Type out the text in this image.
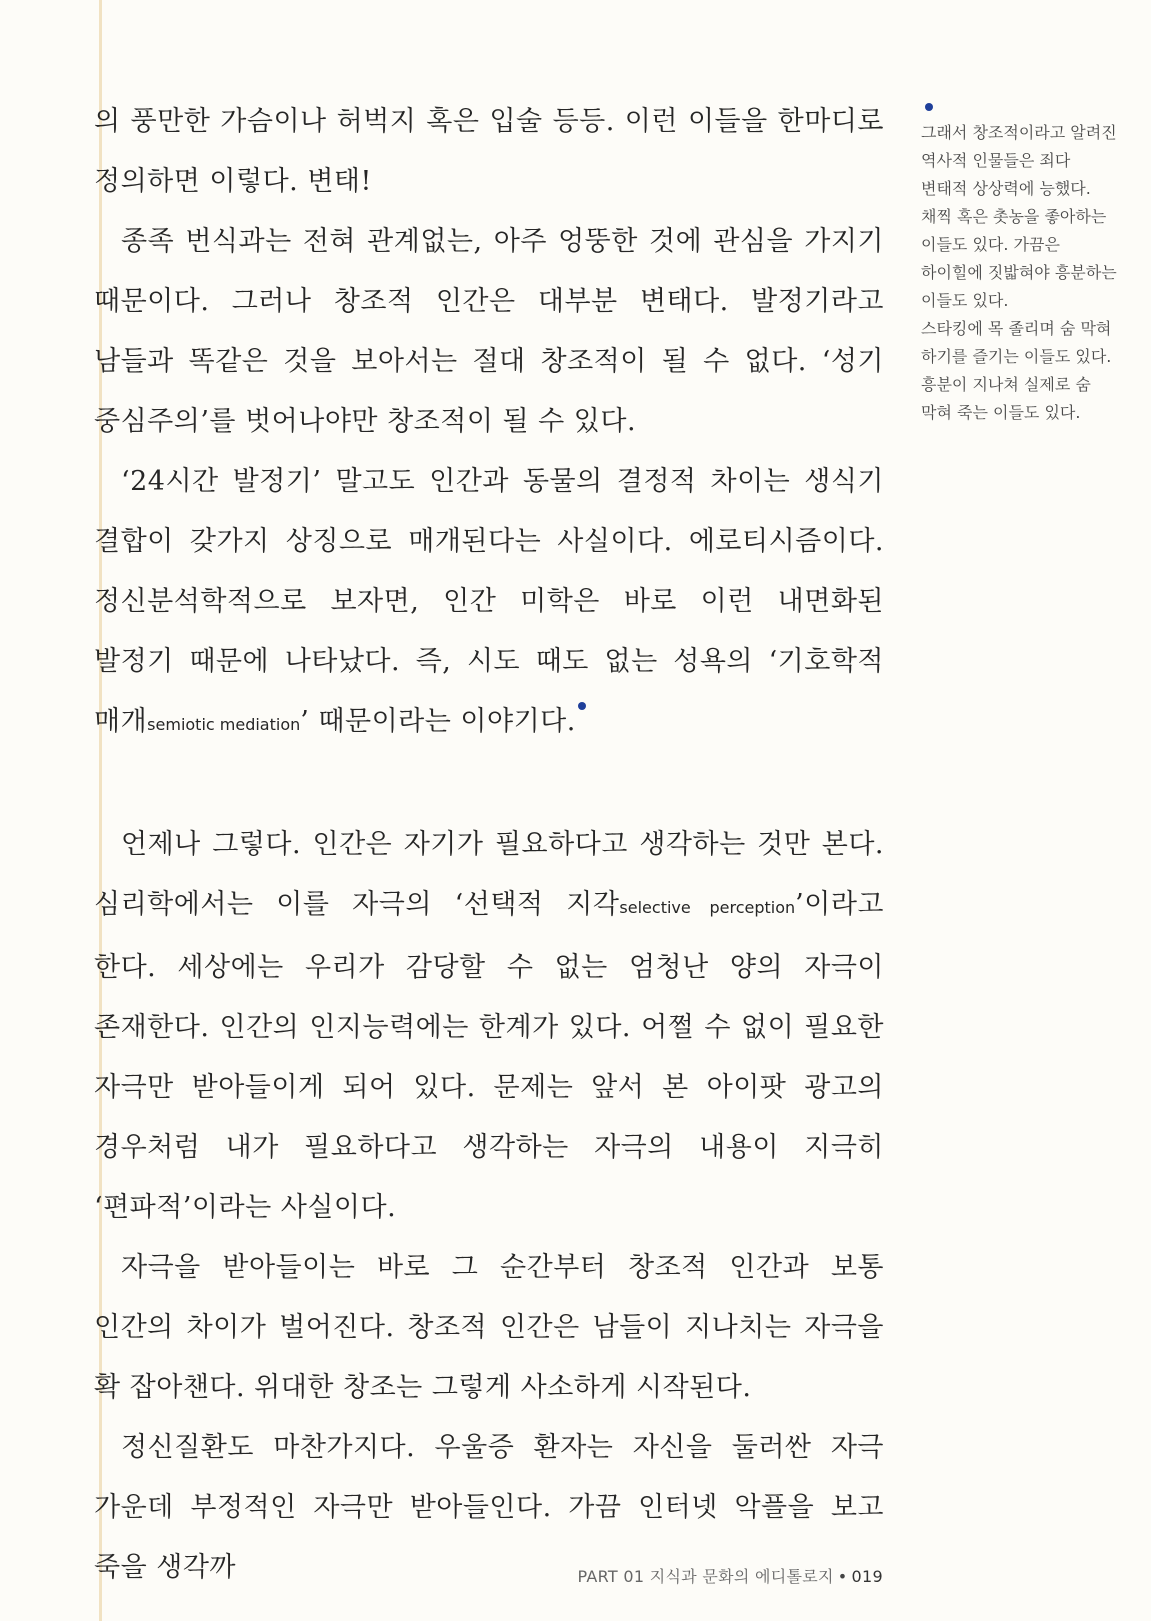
의 풍만한 가슴이나 허벅지 혹은 입술 등등. 이런 이들을 한마디로 정의하면 이렇다. 변태!

종족 번식과는 전혀 관계없는, 아주 엉뚱한 것에 관심을 가지기 때문이다. 그러나 창조적 인간은 대부분 변태다. 발정기라고 남들과 똑같은 것을 보아서는 절대 창조적이 될 수 없다. ‘성기 중심주의’를 벗어나야만 창조적이 될 수 있다.

‘24시간 발정기’ 말고도 인간과 동물의 결정적 차이는 생식기 결합이 갖가지 상징으로 매개된다는 사실이다. 에로티시즘이다. 정신분석학적으로 보자면, 인간 미학은 바로 이런 내면화된 발정기 때문에 나타났다. 즉, 시도 때도 없는 성욕의 ‘기호학적 매개semiotic mediation’ 때문이라는 이야기다.

언제나 그렇다. 인간은 자기가 필요하다고 생각하는 것만 본다. 심리학에서는 이를 자극의 ‘선택적 지각selective perception’이라고 한다. 세상에는 우리가 감당할 수 없는 엄청난 양의 자극이 존재한다. 인간의 인지능력에는 한계가 있다. 어쩔 수 없이 필요한 자극만 받아들이게 되어 있다. 문제는 앞서 본 아이팟 광고의 경우처럼 내가 필요하다고 생각하는 자극의 내용이 지극히 ‘편파적’이라는 사실이다.

자극을 받아들이는 바로 그 순간부터 창조적 인간과 보통 인간의 차이가 벌어진다. 창조적 인간은 남들이 지나치는 자극을 확 잡아챈다. 위대한 창조는 그렇게 사소하게 시작된다.

정신질환도 마찬가지다. 우울증 환자는 자신을 둘러싼 자극 가운데 부정적인 자극만 받아들인다. 가끔 인터넷 악플을 보고 죽을 생각까

그래서 창조적이라고 알려진 역사적 인물들은 죄다 변태적 상상력에 능했다. 채찍 혹은 촛농을 좋아하는 이들도 있다. 가끔은 하이힐에 짓밟혀야 흥분하는 이들도 있다.

스타킹에 목 졸리며 숨 막혀 하기를 즐기는 이들도 있다. 흥분이 지나쳐 실제로 숨 막혀 죽는 이들도 있다.

PART 01 지식과 문화의 에디톨로지 • 019
